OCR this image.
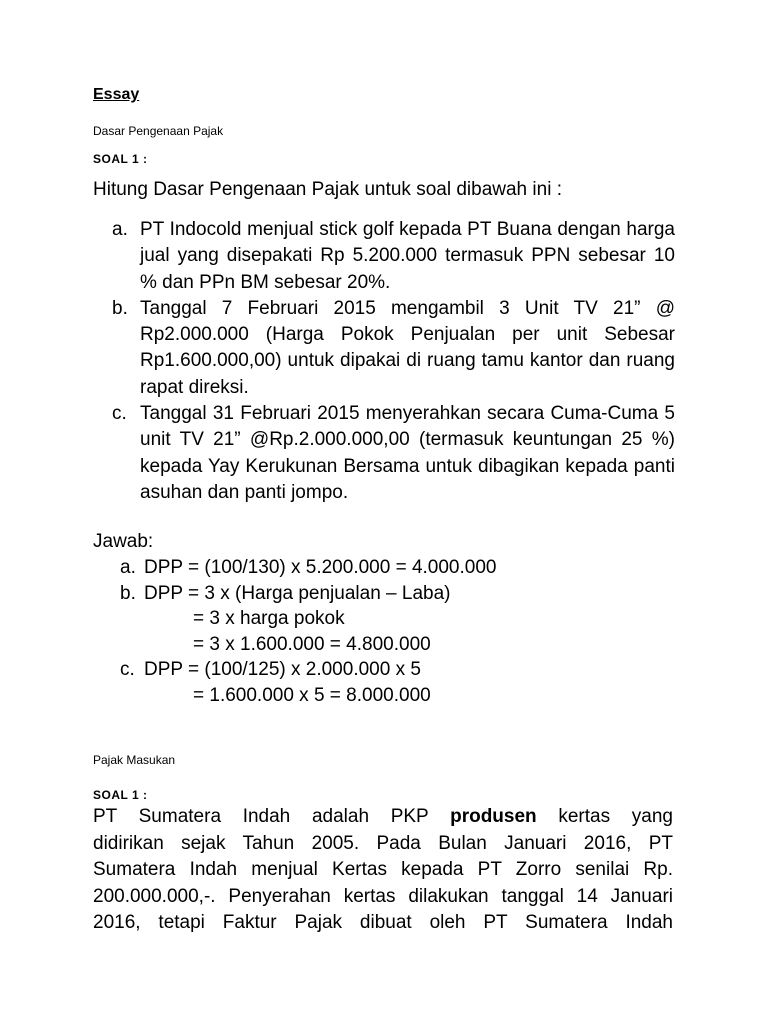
Essay

Dasar Pengenaan Pajak

SOAL 1 :

Hitung Dasar Pengenaan Pajak untuk soal dibawah ini :

a. PT Indocold menjual stick golf kepada PT Buana dengan harga jual yang disepakati Rp 5.200.000 termasuk PPN sebesar 10 % dan PPn BM sebesar 20%.
b. Tanggal 7 Februari 2015 mengambil 3 Unit TV 21” @ Rp2.000.000 (Harga Pokok Penjualan per unit Sebesar Rp1.600.000,00) untuk dipakai di ruang tamu kantor dan ruang rapat direksi.
c. Tanggal 31 Februari 2015 menyerahkan secara Cuma-Cuma 5 unit TV 21” @Rp.2.000.000,00 (termasuk keuntungan 25 %) kepada Yay Kerukunan Bersama untuk dibagikan kepada panti asuhan dan panti jompo.

Jawab:

a. DPP = (100/130) x 5.200.000 = 4.000.000
b. DPP = 3 x (Harga penjualan – Laba)
= 3 x harga pokok
= 3 x 1.600.000 = 4.800.000
c. DPP = (100/125) x 2.000.000 x 5
= 1.600.000 x 5 = 8.000.000

Pajak Masukan

SOAL 1 :

PT Sumatera Indah adalah PKP produsen kertas yang
didirikan sejak Tahun 2005. Pada Bulan Januari 2016, PT
Sumatera Indah menjual Kertas kepada PT Zorro senilai Rp.
200.000.000,-. Penyerahan kertas dilakukan tanggal 14 Januari
2016, tetapi Faktur Pajak dibuat oleh PT Sumatera Indah
